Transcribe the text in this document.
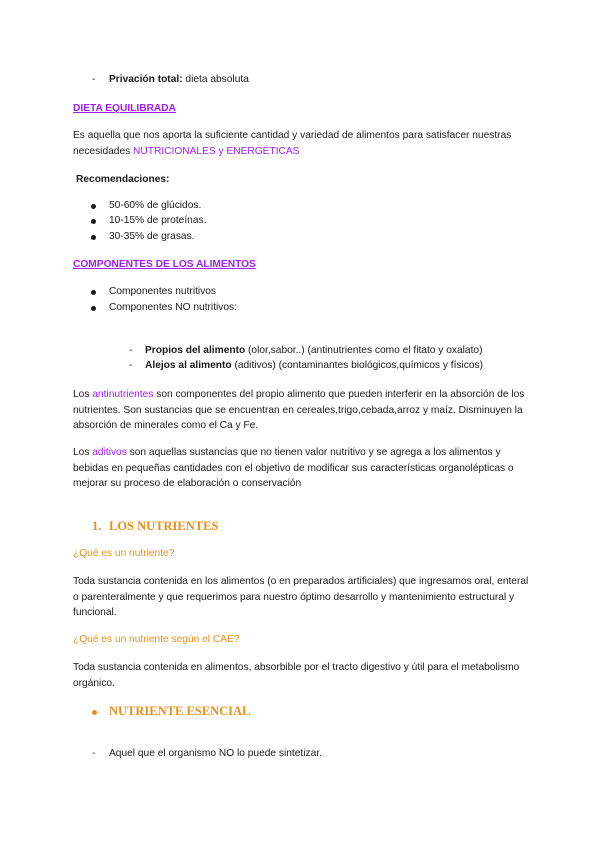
- Privación total: dieta absoluta
DIETA EQUILIBRADA
Es aquella que nos aporta la suficiente cantidad y variedad de alimentos para satisfacer nuestras
necesidades NUTRICIONALES y ENERGÉTICAS
Recomendaciones:
50-60% de glúcidos.
10-15% de proteínas.
30-35% de grasas.
COMPONENTES DE LOS ALIMENTOS
Componentes nutritivos
Componentes NO nutritivos:
- Propios del alimento (olor,sabor..) (antinutrientes como el fitato y oxalato)
- Alejos al alimento (aditivos) (contaminantes biológicos,químicos y físicos)
Los antinutrientes son componentes del propio alimento que pueden interferir en la absorción de los
nutrientes. Son sustancias que se encuentran en cereales,trigo,cebada,arroz y maíz. Disminuyen la
absorción de minerales como el Ca y Fe.
Los aditivos son aquellas sustancias que no tienen valor nutritivo y se agrega a los alimentos y
bebidas en pequeñas cantidades con el objetivo de modificar sus características organolépticas o
mejorar su proceso de elaboración o conservación
1. LOS NUTRIENTES
¿Qué es un nutriente?
Toda sustancia contenida en los alimentos (o en preparados artificiales) que ingresamos oral, enteral
o parenteralmente y que requerimos para nuestro óptimo desarrollo y mantenimiento estructural y
funcional.
¿Qué es un nutriente según el CAE?
Toda sustancia contenida en alimentos, absorbible por el tracto digestivo y útil para el metabolismo
orgánico.
NUTRIENTE ESENCIAL
- Aquel que el organismo NO lo puede sintetizar.
